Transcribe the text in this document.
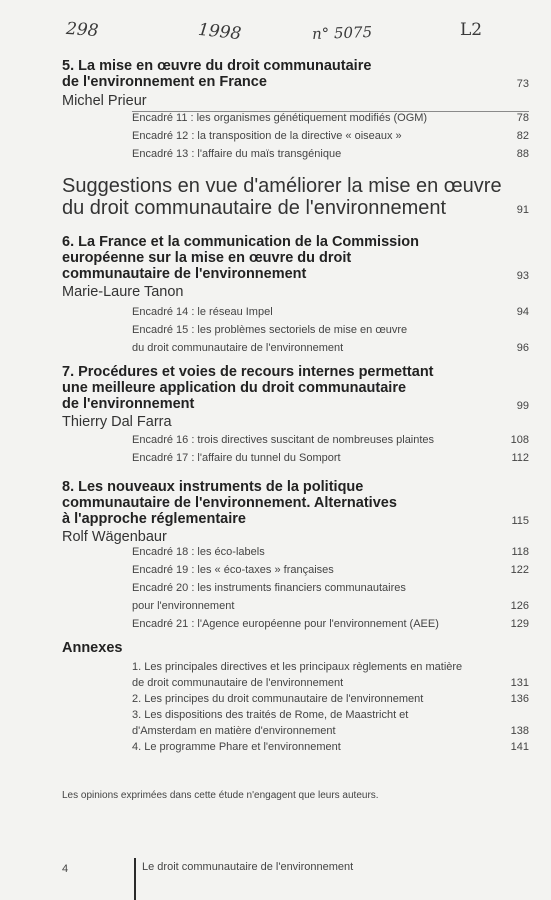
298	1998	n° 5075	L2
5. La mise en œuvre du droit communautaire
de l'environnement en France	73
Michel Prieur
Encadré 11 : les organismes génétiquement modifiés (OGM)	78
Encadré 12 : la transposition de la directive « oiseaux »	82
Encadré 13 : l'affaire du maïs transgénique	88
Suggestions en vue d'améliorer la mise en œuvre
du droit communautaire de l'environnement	91
6. La France et la communication de la Commission
européenne sur la mise en œuvre du droit
communautaire de l'environnement	93
Marie-Laure Tanon
Encadré 14 : le réseau Impel	94
Encadré 15 : les problèmes sectoriels de mise en œuvre
du droit communautaire de l'environnement	96
7. Procédures et voies de recours internes permettant
une meilleure application du droit communautaire
de l'environnement	99
Thierry Dal Farra
Encadré 16 : trois directives suscitant de nombreuses plaintes	108
Encadré 17 : l'affaire du tunnel du Somport	112
8. Les nouveaux instruments de la politique
communautaire de l'environnement. Alternatives
à l'approche réglementaire	115
Rolf Wägenbaur
Encadré 18 : les éco-labels	118
Encadré 19 : les « éco-taxes » françaises	122
Encadré 20 : les instruments financiers communautaires
pour l'environnement	126
Encadré 21 : l'Agence européenne pour l'environnement (AEE)	129
Annexes
1. Les principales directives et les principaux règlements en matière
de droit communautaire de l'environnement	131
2. Les principes du droit communautaire de l'environnement	136
3. Les dispositions des traités de Rome, de Maastricht et
d'Amsterdam en matière d'environnement	138
4. Le programme Phare et l'environnement	141
Les opinions exprimées dans cette étude n'engagent que leurs auteurs.
4	Le droit communautaire de l'environnement
